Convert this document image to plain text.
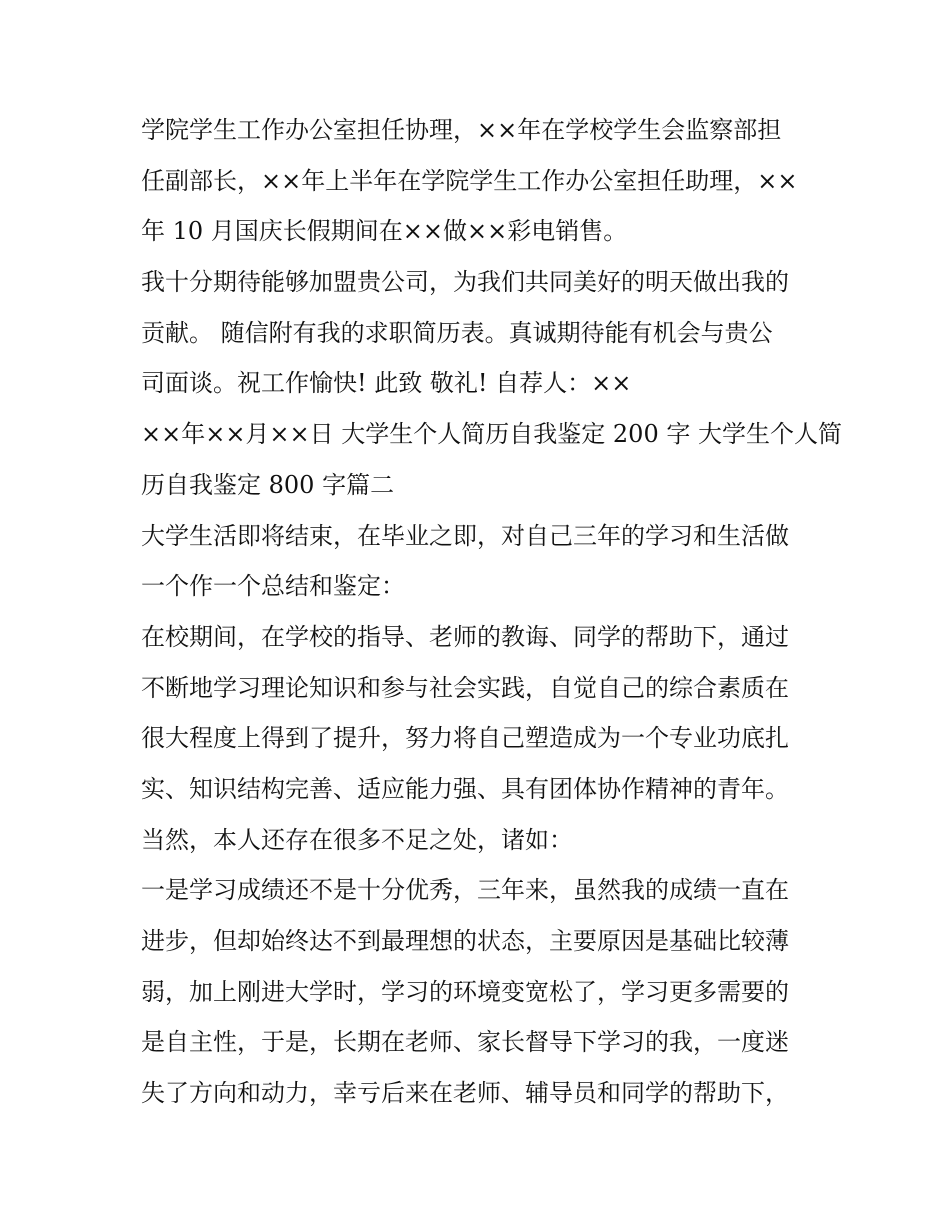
学院学生工作办公室担任协理，××年在学校学生会监察部担
任副部长，××年上半年在学院学生工作办公室担任助理，××
年 10 月国庆长假期间在××做××彩电销售。
我十分期待能够加盟贵公司，为我们共同美好的明天做出我的
贡献。 随信附有我的求职简历表。真诚期待能有机会与贵公
司面谈。祝工作愉快! 此致 敬礼! 自荐人：××
××年××月××日 大学生个人简历自我鉴定 200 字 大学生个人简
历自我鉴定 800 字篇二
大学生活即将结束，在毕业之即，对自己三年的学习和生活做
一个作一个总结和鉴定：
在校期间，在学校的指导、老师的教诲、同学的帮助下，通过
不断地学习理论知识和参与社会实践，自觉自己的综合素质在
很大程度上得到了提升，努力将自己塑造成为一个专业功底扎
实、知识结构完善、适应能力强、具有团体协作精神的青年。
当然，本人还存在很多不足之处，诸如：
一是学习成绩还不是十分优秀，三年来，虽然我的成绩一直在
进步，但却始终达不到最理想的状态，主要原因是基础比较薄
弱，加上刚进大学时，学习的环境变宽松了，学习更多需要的
是自主性，于是，长期在老师、家长督导下学习的我，一度迷
失了方向和动力，幸亏后来在老师、辅导员和同学的帮助下，
